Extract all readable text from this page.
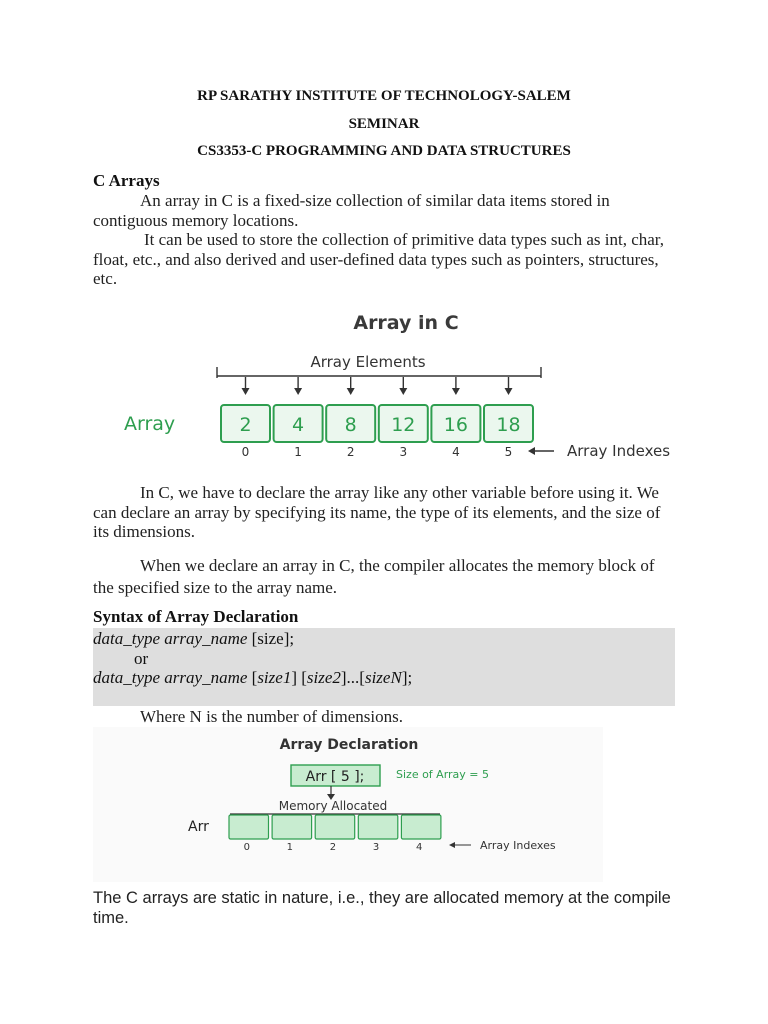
RP SARATHY INSTITUTE OF TECHNOLOGY-SALEM
SEMINAR
CS3353-C PROGRAMMING AND DATA STRUCTURES
C Arrays
An array in C is a fixed-size collection of similar data items stored in contiguous memory locations.
It can be used to store the collection of primitive data types such as int, char, float, etc., and also derived and user-defined data types such as pointers, structures, etc.
Array in C
Array Elements
Array	2 4 8 12 16 18
0	1	2	3	4	5	Array Indexes
In C, we have to declare the array like any other variable before using it. We can declare an array by specifying its name, the type of its elements, and the size of its dimensions.
When we declare an array in C, the compiler allocates the memory block of the specified size to the array name.
Syntax of Array Declaration
data_type array_name [size];
or
data_type array_name [size1] [size2]...[sizeN];
Where N is the number of dimensions.
Array Declaration
Arr [ 5 ];	Size of Array = 5
Memory Allocated
Arr
0	1	2	3	4	Array Indexes
The C arrays are static in nature, i.e., they are allocated memory at the compile time.
